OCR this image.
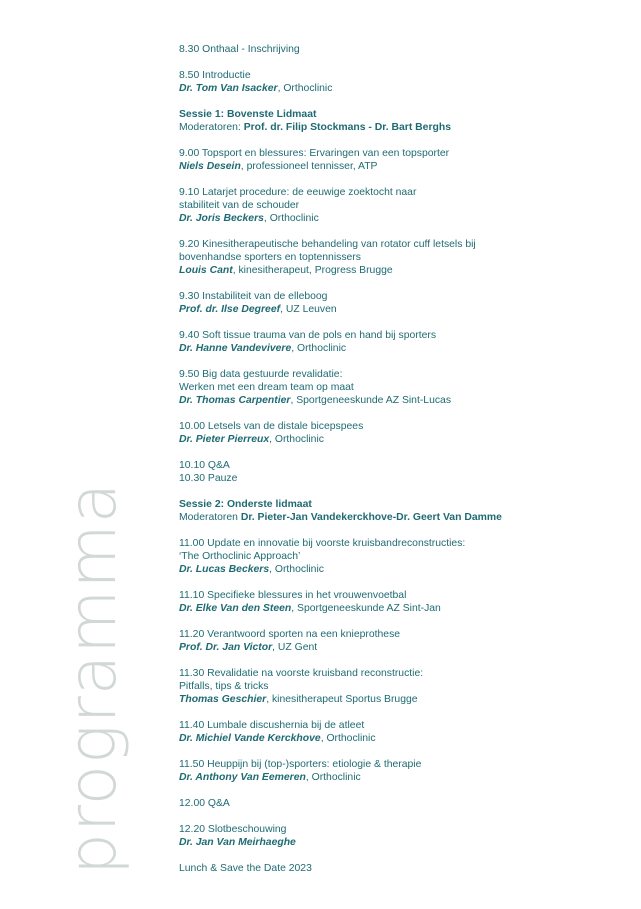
programma
8.30 Onthaal - Inschrijving
8.50 Introductie
Dr. Tom Van Isacker, Orthoclinic
Sessie 1: Bovenste Lidmaat
Moderatoren: Prof. dr. Filip Stockmans - Dr. Bart Berghs
9.00 Topsport en blessures: Ervaringen van een topsporter
Niels Desein, professioneel tennisser, ATP
9.10 Latarjet procedure: de eeuwige zoektocht naar
stabiliteit van de schouder
Dr. Joris Beckers, Orthoclinic
9.20 Kinesitherapeutische behandeling van rotator cuff letsels bij
bovenhandse sporters en toptennissers
Louis Cant, kinesitherapeut, Progress Brugge
9.30 Instabiliteit van de elleboog
Prof. dr. Ilse Degreef, UZ Leuven
9.40 Soft tissue trauma van de pols en hand bij sporters
Dr. Hanne Vandevivere, Orthoclinic
9.50 Big data gestuurde revalidatie:
Werken met een dream team op maat
Dr. Thomas Carpentier, Sportgeneeskunde AZ Sint-Lucas
10.00 Letsels van de distale bicepspees
Dr. Pieter Pierreux, Orthoclinic
10.10 Q&A
10.30 Pauze
Sessie 2: Onderste lidmaat
Moderatoren Dr. Pieter-Jan Vandekerckhove-Dr. Geert Van Damme
11.00 Update en innovatie bij voorste kruisbandreconstructies:
‘The Orthoclinic Approach’
Dr. Lucas Beckers, Orthoclinic
11.10 Specifieke blessures in het vrouwenvoetbal
Dr. Elke Van den Steen, Sportgeneeskunde AZ Sint-Jan
11.20 Verantwoord sporten na een knieprothese
Prof. Dr. Jan Victor, UZ Gent
11.30 Revalidatie na voorste kruisband reconstructie:
Pitfalls, tips & tricks
Thomas Geschier, kinesitherapeut Sportus Brugge
11.40 Lumbale discushernia bij de atleet
Dr. Michiel Vande Kerckhove, Orthoclinic
11.50 Heuppijn bij (top-)sporters: etiologie & therapie
Dr. Anthony Van Eemeren, Orthoclinic
12.00 Q&A
12.20 Slotbeschouwing
Dr. Jan Van Meirhaeghe
Lunch & Save the Date 2023
